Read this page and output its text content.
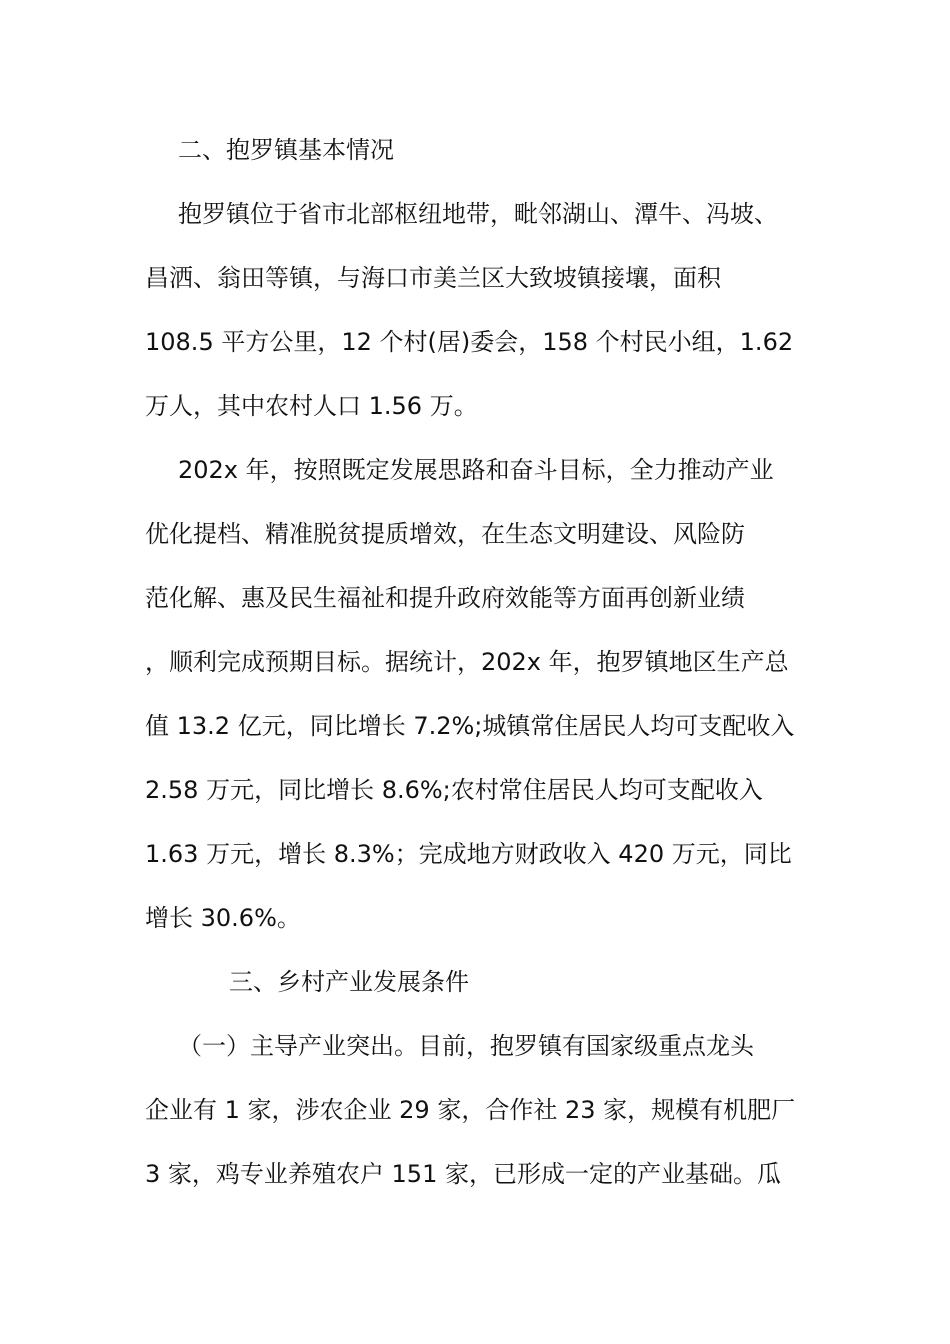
二、抱罗镇基本情况
抱罗镇位于省市北部枢纽地带，毗邻湖山、潭牛、冯坡、
昌洒、翁田等镇，与海口市美兰区大致坡镇接壤，面积
108.5 平方公里，12 个村(居)委会，158 个村民小组，1.62
万人，其中农村人口 1.56 万。
202x 年，按照既定发展思路和奋斗目标，全力推动产业
优化提档、精准脱贫提质增效，在生态文明建设、风险防
范化解、惠及民生福祉和提升政府效能等方面再创新业绩
，顺利完成预期目标。据统计，202x 年，抱罗镇地区生产总
值 13.2 亿元，同比增长 7.2%;城镇常住居民人均可支配收入
2.58 万元，同比增长 8.6%;农村常住居民人均可支配收入
1.63 万元，增长 8.3%；完成地方财政收入 420 万元，同比
增长 30.6%。
三、乡村产业发展条件
（一）主导产业突出。目前，抱罗镇有国家级重点龙头
企业有 1 家，涉农企业 29 家，合作社 23 家，规模有机肥厂
3 家，鸡专业养殖农户 151 家，已形成一定的产业基础。瓜
